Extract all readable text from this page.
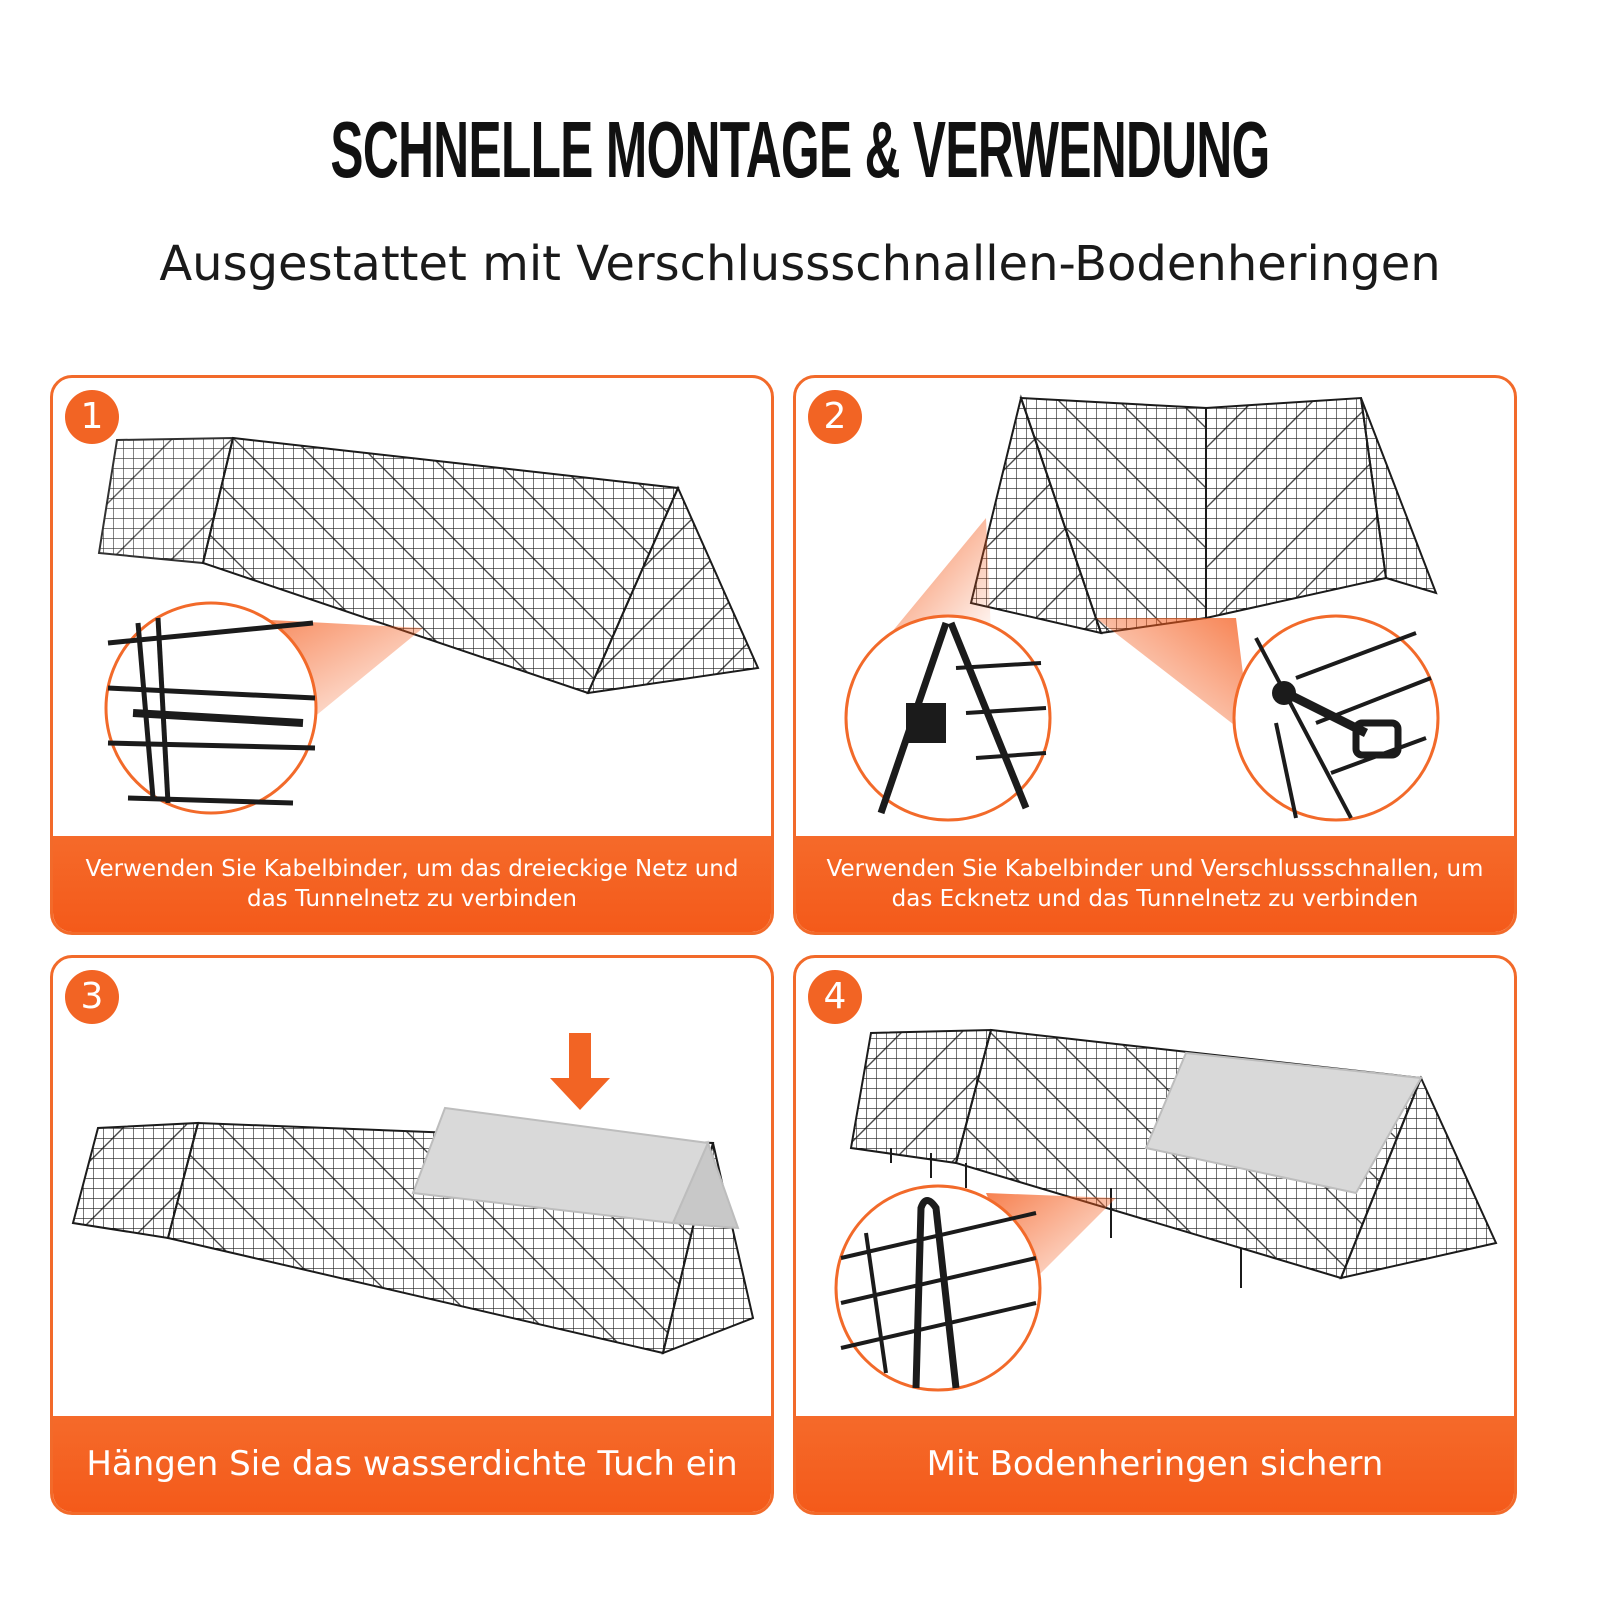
SCHNELLE MONTAGE & VERWENDUNG
Ausgestattet mit Verschlussschnallen-Bodenheringen
1
Verwenden Sie Kabelbinder, um das dreieckige Netz und das Tunnelnetz zu verbinden
2
Verwenden Sie Kabelbinder und Verschlussschnallen, um das Ecknetz und das Tunnelnetz zu verbinden
3
Hängen Sie das wasserdichte Tuch ein
4
Mit Bodenheringen sichern
